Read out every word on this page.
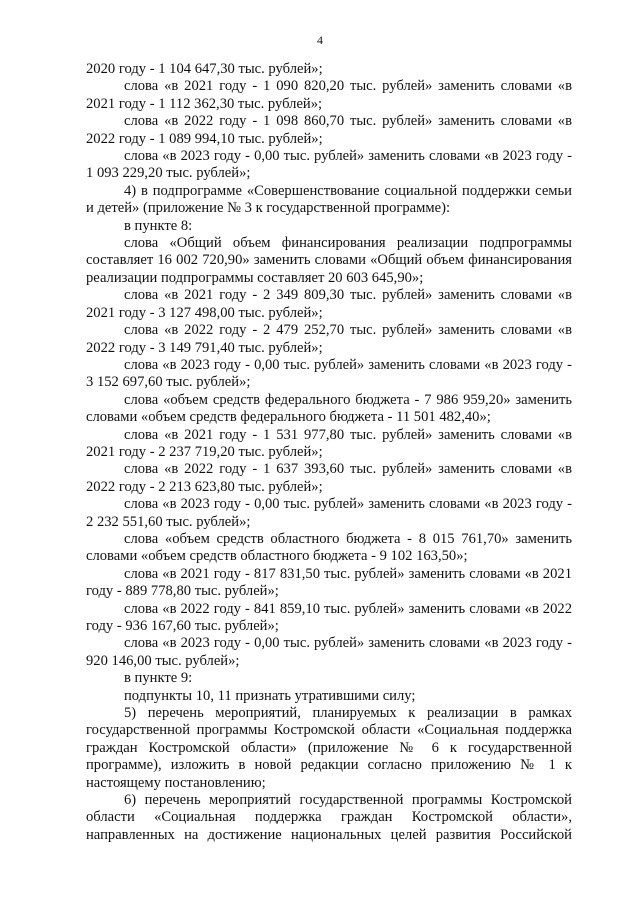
4

2020 году - 1 104 647,30 тыс. рублей»;

слова «в 2021 году - 1 090 820,20 тыс. рублей» заменить словами «в 2021 году - 1 112 362,30 тыс. рублей»;

слова «в 2022 году - 1 098 860,70 тыс. рублей» заменить словами «в 2022 году - 1 089 994,10 тыс. рублей»;

слова «в 2023 году - 0,00 тыс. рублей» заменить словами «в 2023 году - 1 093 229,20 тыс. рублей»;

4) в подпрограмме «Совершенствование социальной поддержки семьи и детей» (приложение № 3 к государственной программе):

в пункте 8:

слова «Общий объем финансирования реализации подпрограммы составляет 16 002 720,90» заменить словами «Общий объем финансирования реализации подпрограммы составляет 20 603 645,90»;

слова «в 2021 году - 2 349 809,30 тыс. рублей» заменить словами «в 2021 году - 3 127 498,00 тыс. рублей»;

слова «в 2022 году - 2 479 252,70 тыс. рублей» заменить словами «в 2022 году - 3 149 791,40 тыс. рублей»;

слова «в 2023 году - 0,00 тыс. рублей» заменить словами «в 2023 году - 3 152 697,60 тыс. рублей»;

слова «объем средств федерального бюджета - 7 986 959,20» заменить словами «объем средств федерального бюджета - 11 501 482,40»;

слова «в 2021 году - 1 531 977,80 тыс. рублей» заменить словами «в 2021 году - 2 237 719,20 тыс. рублей»;

слова «в 2022 году - 1 637 393,60 тыс. рублей» заменить словами «в 2022 году - 2 213 623,80 тыс. рублей»;

слова «в 2023 году - 0,00 тыс. рублей» заменить словами «в 2023 году - 2 232 551,60 тыс. рублей»;

слова «объем средств областного бюджета - 8 015 761,70» заменить словами «объем средств областного бюджета - 9 102 163,50»;

слова «в 2021 году - 817 831,50 тыс. рублей» заменить словами «в 2021 году - 889 778,80 тыс. рублей»;

слова «в 2022 году - 841 859,10 тыс. рублей» заменить словами «в 2022 году - 936 167,60 тыс. рублей»;

слова «в 2023 году - 0,00 тыс. рублей» заменить словами «в 2023 году - 920 146,00 тыс. рублей»;

в пункте 9:

подпункты 10, 11 признать утратившими силу;

5) перечень мероприятий, планируемых к реализации в рамках государственной программы Костромской области «Социальная поддержка граждан Костромской области» (приложение № 6 к государственной программе), изложить в новой редакции согласно приложению № 1 к настоящему постановлению;

6) перечень мероприятий государственной программы Костромской области «Социальная поддержка граждан Костромской области», направленных на достижение национальных целей развития Российской
